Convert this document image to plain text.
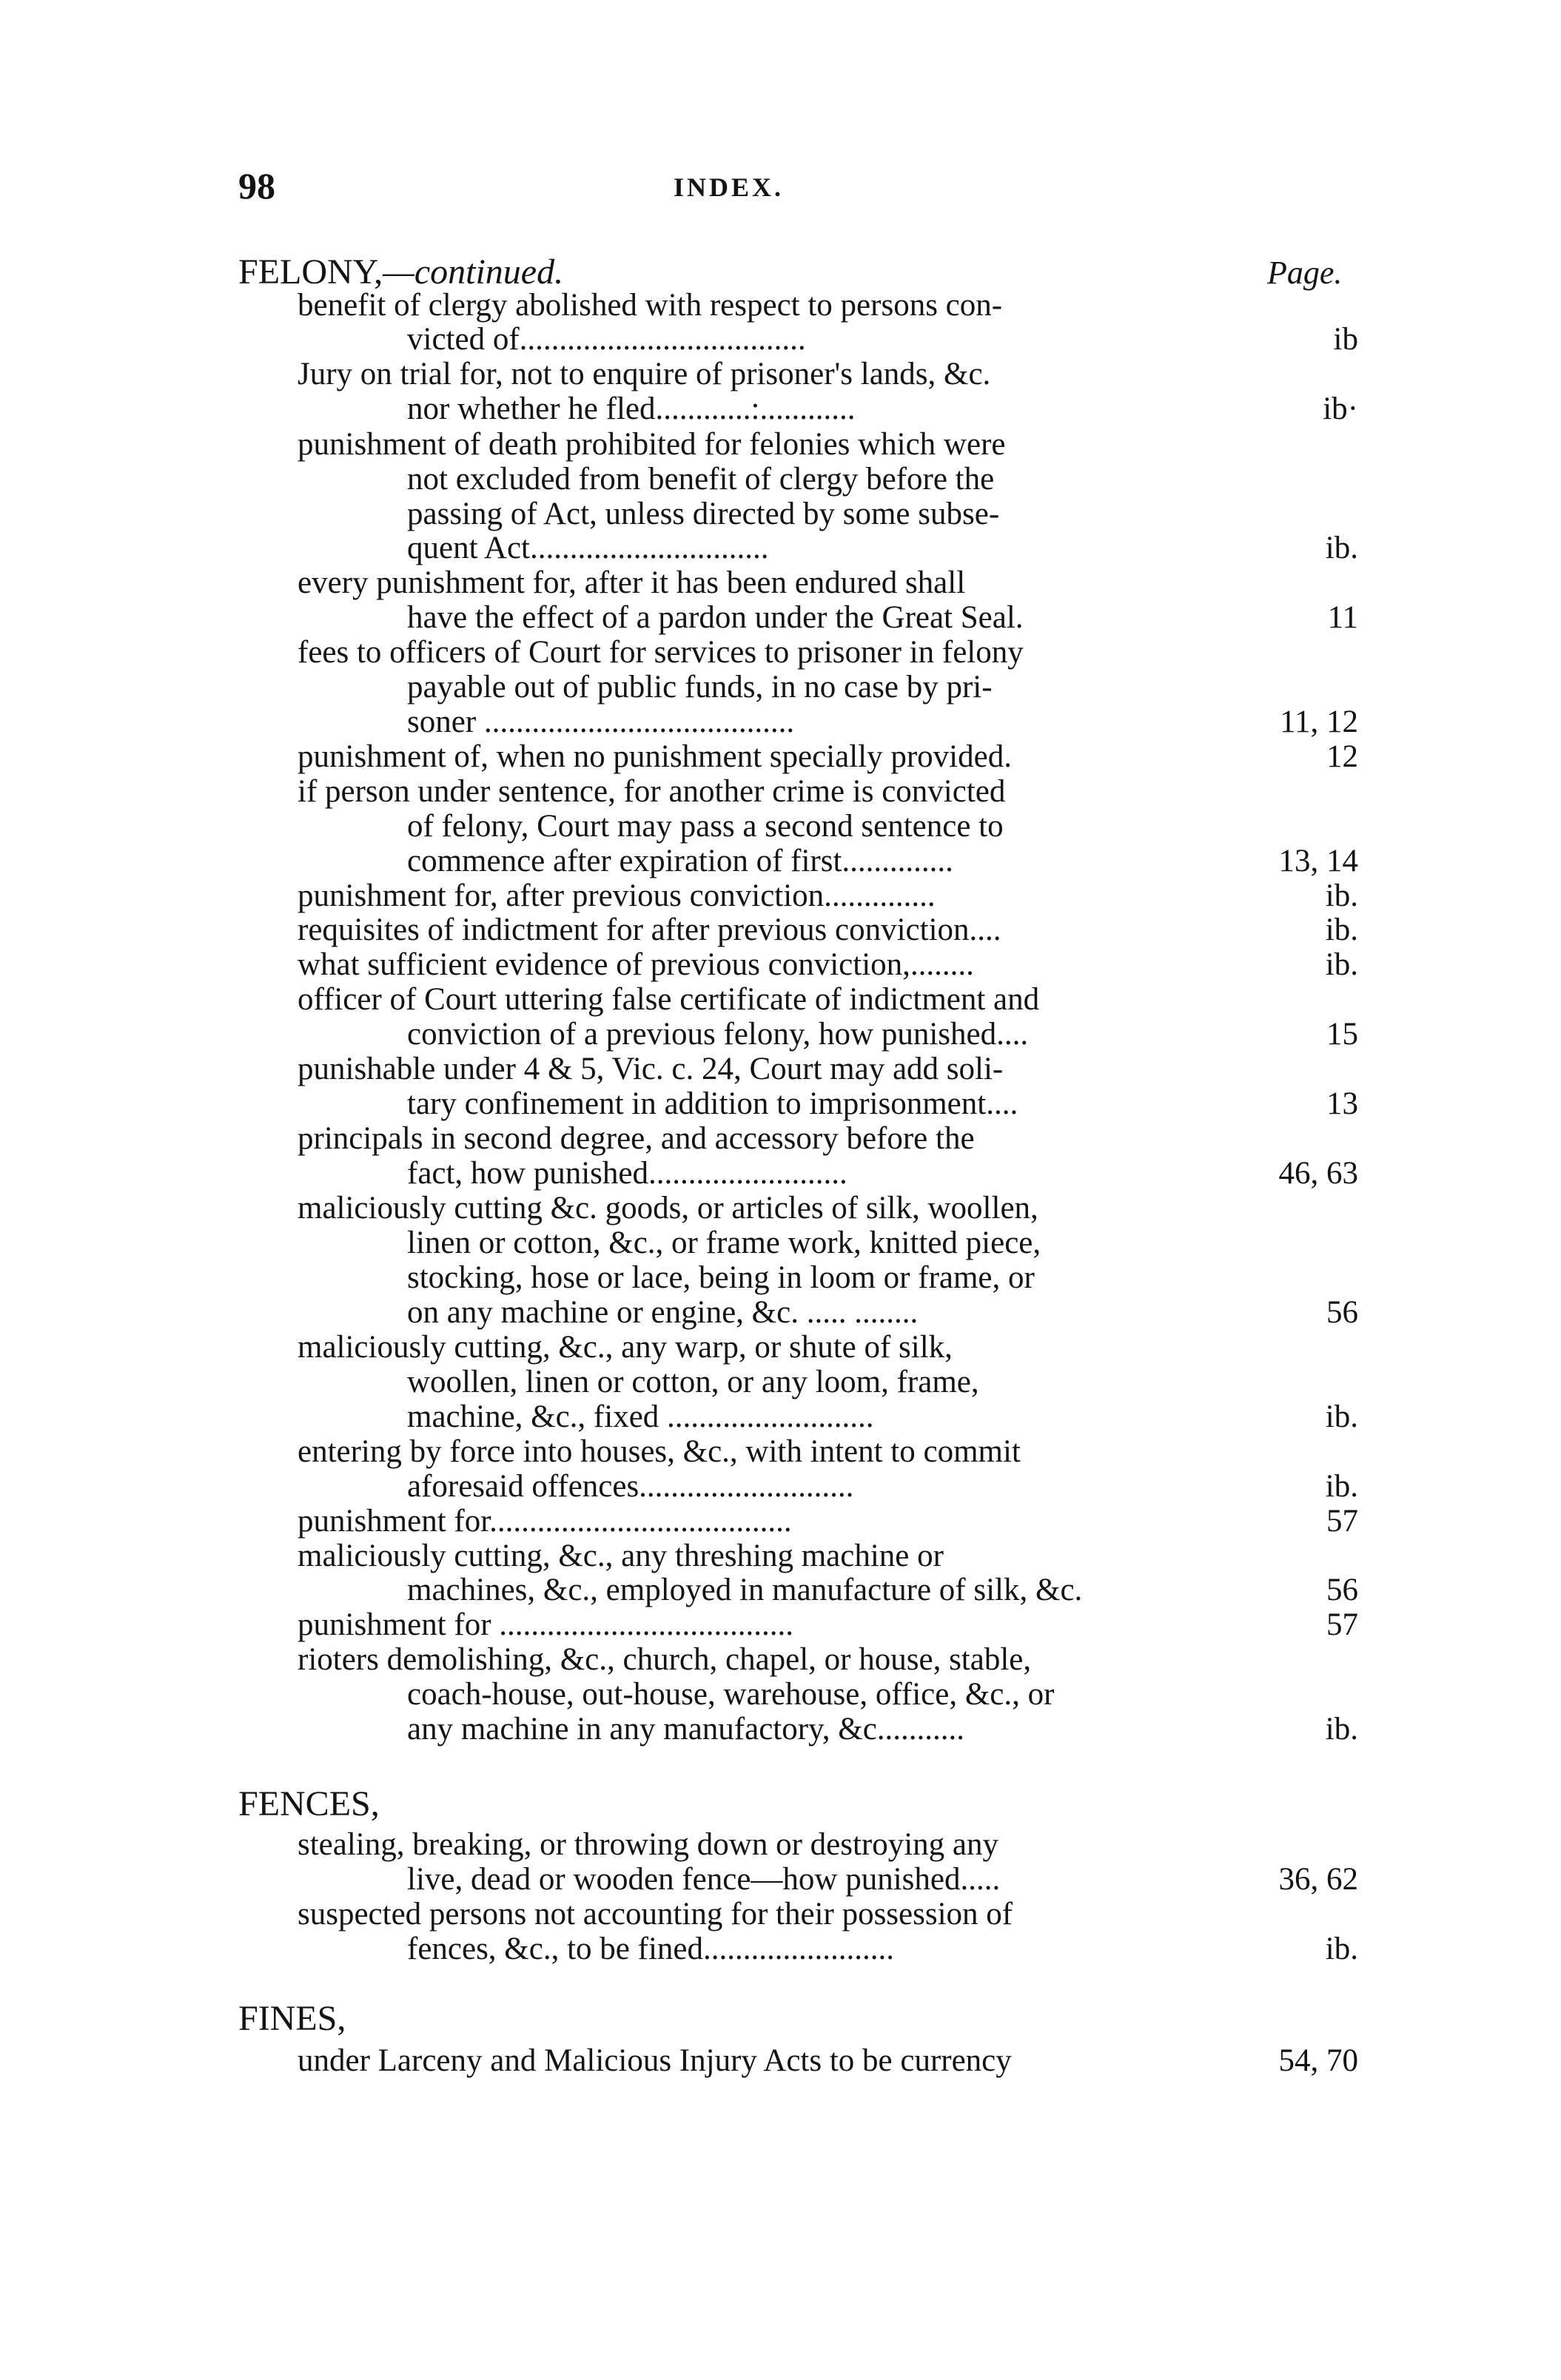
98	INDEX.
Page.
FELONY,—continued.
benefit of clergy abolished with respect to persons con-
victed of....................................	ib
Jury on trial for, not to enquire of prisoner's lands, &c.
nor whether he fled............:............	ib·
punishment of death prohibited for felonies which were
not excluded from benefit of clergy before the
passing of Act, unless directed by some subse-
quent Act..............................	ib.
every punishment for, after it has been endured shall
have the effect of a pardon under the Great Seal.	11
fees to officers of Court for services to prisoner in felony
payable out of public funds, in no case by pri-
soner .......................................	11, 12
punishment of, when no punishment specially provided.	12
if person under sentence, for another crime is convicted
of felony, Court may pass a second sentence to
commence after expiration of first..............	13, 14
punishment for, after previous conviction..............	ib.
requisites of indictment for after previous conviction....	ib.
what sufficient evidence of previous conviction,........	ib.
officer of Court uttering false certificate of indictment and
conviction of a previous felony, how punished....	15
punishable under 4 & 5, Vic. c. 24, Court may add soli-
tary confinement in addition to imprisonment....	13
principals in second degree, and accessory before the
fact, how punished.........................	46, 63
maliciously cutting &c. goods, or articles of silk, woollen,
linen or cotton, &c., or frame work, knitted piece,
stocking, hose or lace, being in loom or frame, or
on any machine or engine, &c. ..... ........	56
maliciously cutting, &c., any warp, or shute of silk,
woollen, linen or cotton, or any loom, frame,
machine, &c., fixed ..........................	ib.
entering by force into houses, &c., with intent to commit
aforesaid offences...........................	ib.
punishment for......................................	57
maliciously cutting, &c., any threshing machine or
machines, &c., employed in manufacture of silk, &c.	56
punishment for .....................................	57
rioters demolishing, &c., church, chapel, or house, stable,
coach-house, out-house, warehouse, office, &c., or
any machine in any manufactory, &c...........	ib.
FENCES,
stealing, breaking, or throwing down or destroying any
live, dead or wooden fence—how punished.....	36, 62
suspected persons not accounting for their possession of
fences, &c., to be fined........................	ib.
FINES,
under Larceny and Malicious Injury Acts to be currency	54, 70
